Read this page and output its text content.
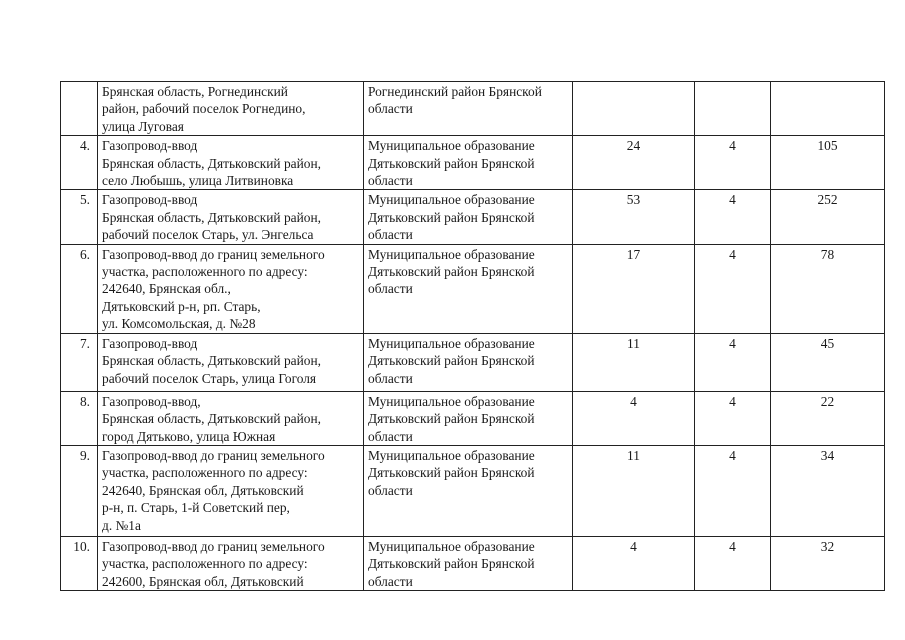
	Брянская область, Рогнединский
район, рабочий поселок Рогнедино,
улица Луговая	Рогнединский район Брянской
области			

4.	Газопровод-ввод
Брянская область, Дятьковский район,
село Любышь, улица Литвиновка	Муниципальное образование
Дятьковский район Брянской
области	24	4	105
5.	Газопровод-ввод
Брянская область, Дятьковский район,
рабочий поселок Старь, ул. Энгельса	Муниципальное образование
Дятьковский район Брянской
области	53	4	252
6.	Газопровод-ввод до границ земельного
участка, расположенного по адресу:
242640, Брянская обл.,
Дятьковский р-н, рп. Старь,
ул. Комсомольская, д. №28	Муниципальное образование
Дятьковский район Брянской
области	17	4	78
7.	Газопровод-ввод
Брянская область, Дятьковский район,
рабочий поселок Старь, улица Гоголя	Муниципальное образование
Дятьковский район Брянской
области	11	4	45
8.	Газопровод-ввод,
Брянская область, Дятьковский район,
город Дятьково, улица Южная	Муниципальное образование
Дятьковский район Брянской
области	4	4	22
9.	Газопровод-ввод до границ земельного
участка, расположенного по адресу:
242640, Брянская обл, Дятьковский
р-н, п. Старь, 1-й Советский пер,
д. №1а	Муниципальное образование
Дятьковский район Брянской
области	11	4	34
10.	Газопровод-ввод до границ земельного
участка, расположенного по адресу:
242600, Брянская обл, Дятьковский	Муниципальное образование
Дятьковский район Брянской
области	4	4	32
